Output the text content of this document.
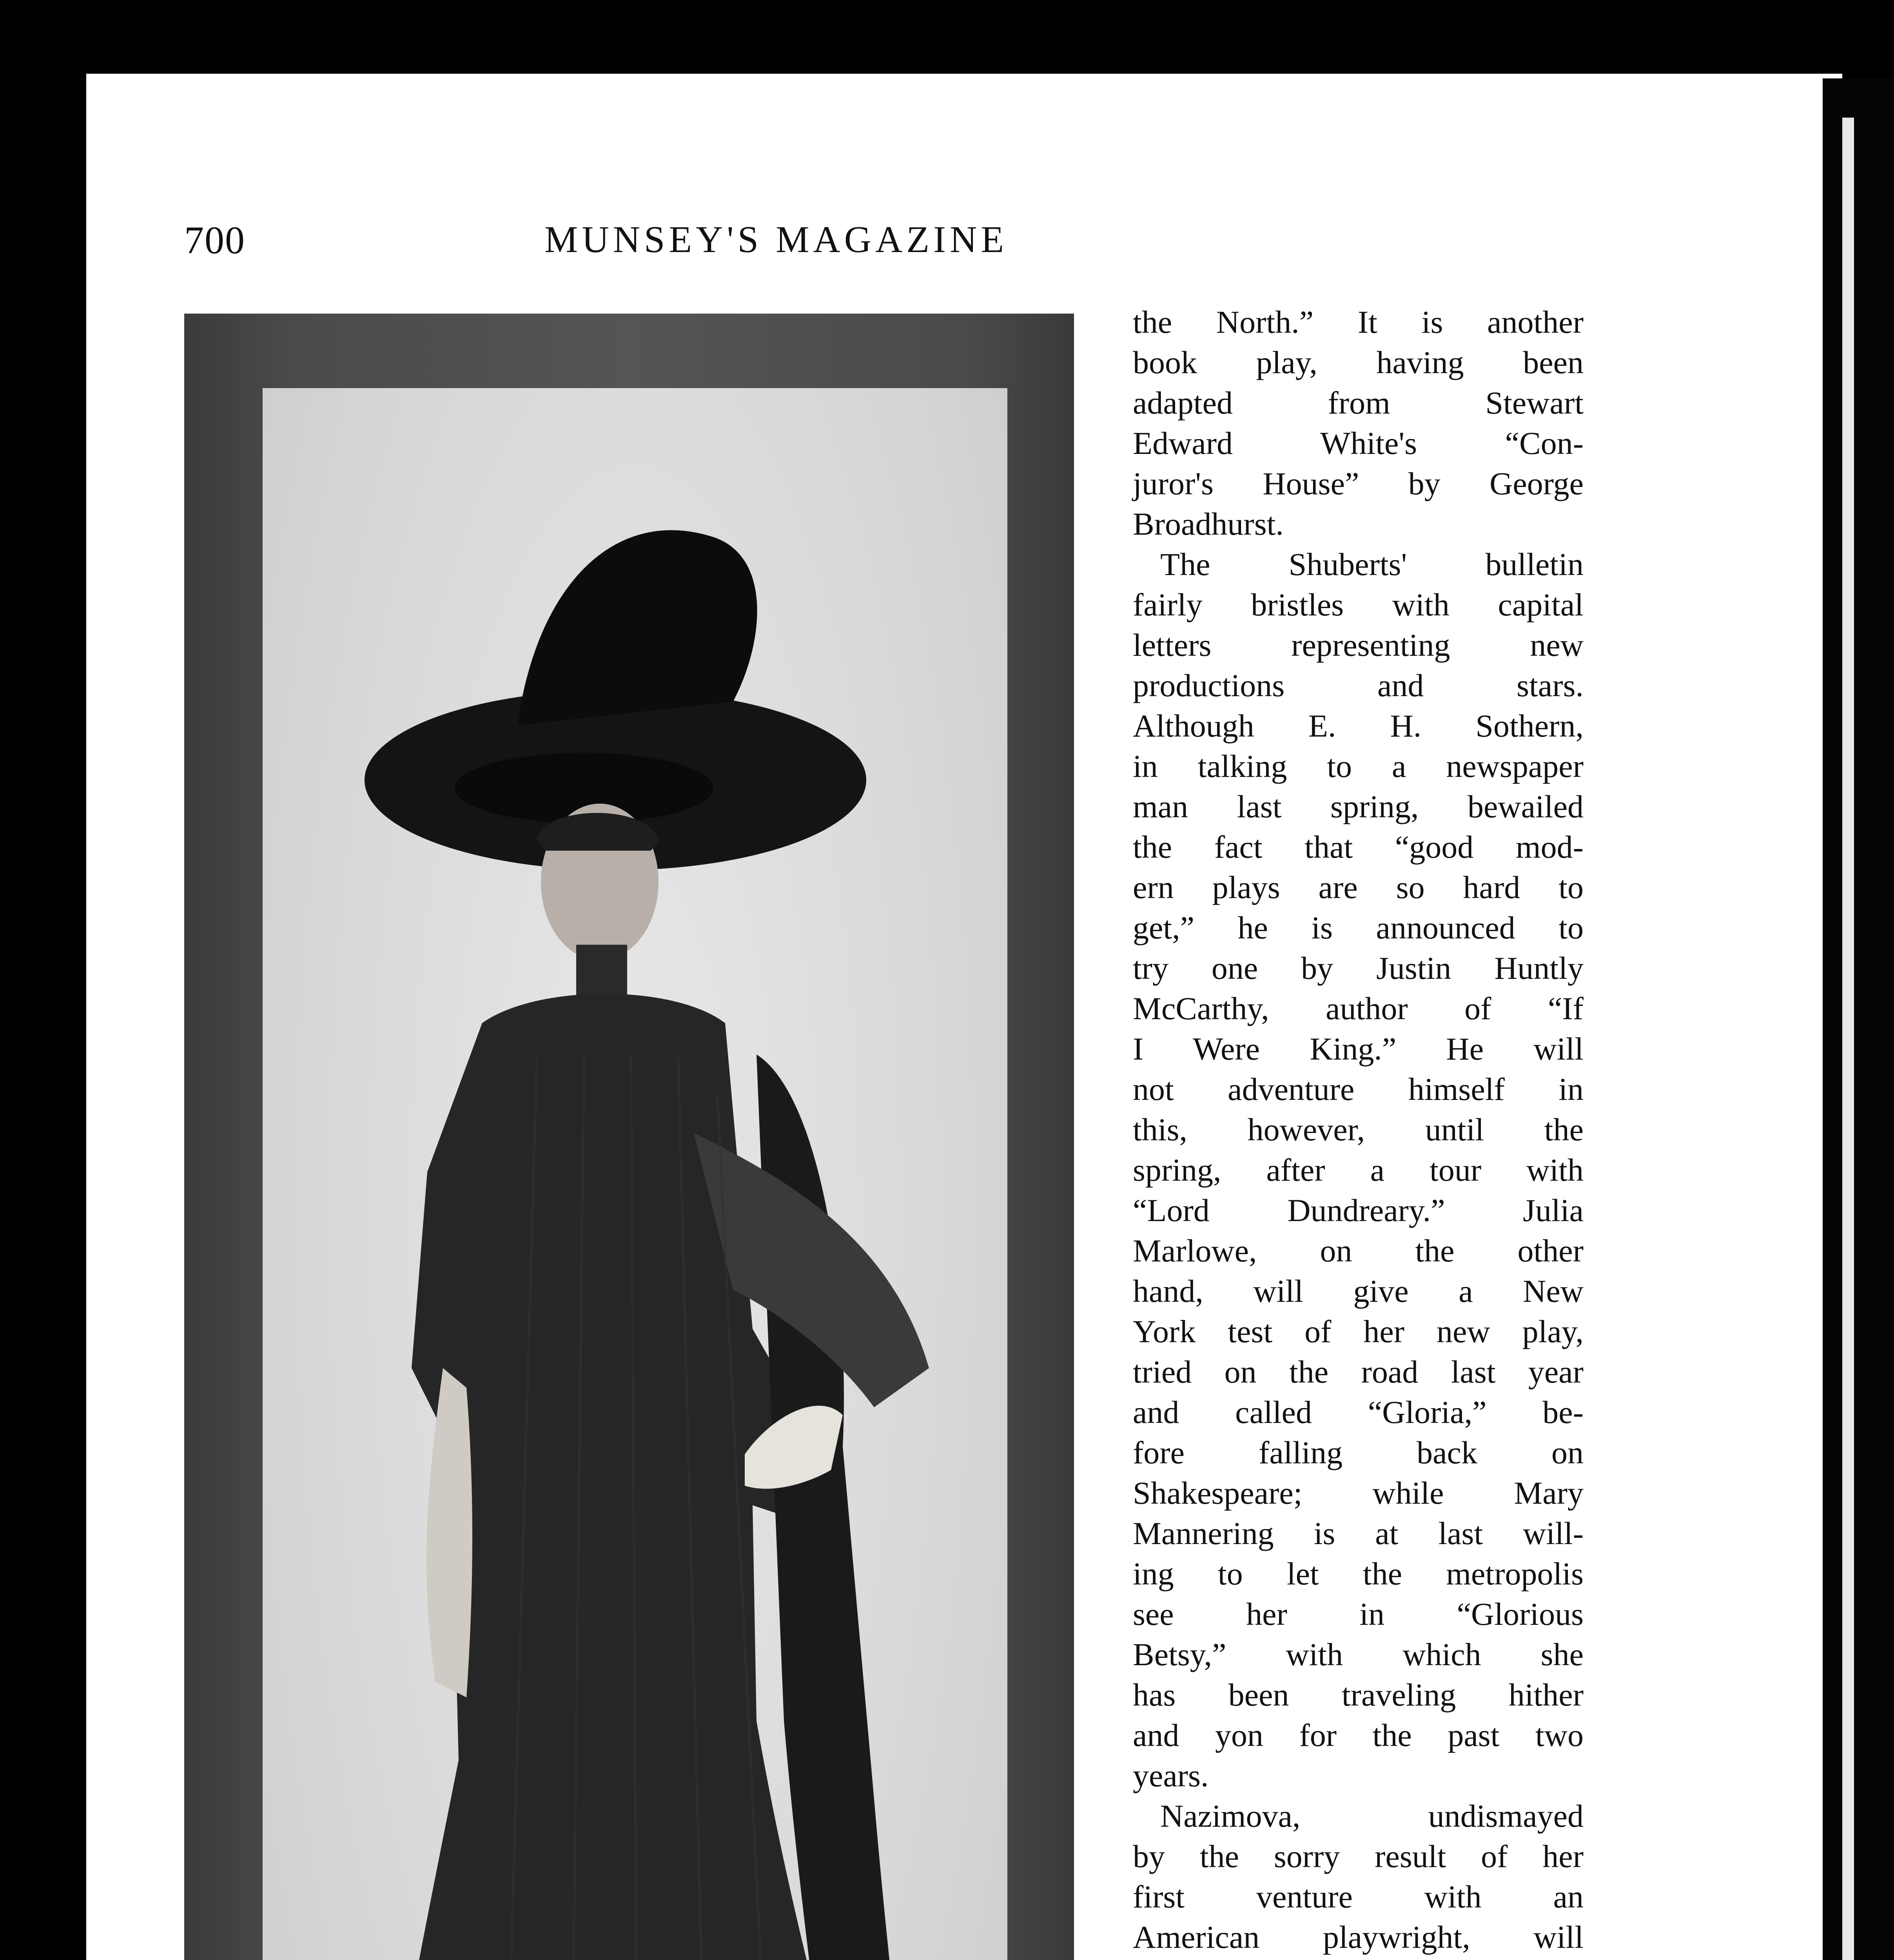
700	MUNSEY'S MAGAZINE
the North.” It is another
book play, having been
adapted from Stewart
Edward White's “Con-
juror's House” by George
Broadhurst.
The Shuberts' bulletin
fairly bristles with capital
letters representing new
productions and stars.
Although E. H. Sothern,
in talking to a newspaper
man last spring, bewailed
the fact that “good mod-
ern plays are so hard to
get,” he is announced to
try one by Justin Huntly
McCarthy, author of “If
I Were King.” He will
not adventure himself in
this, however, until the
spring, after a tour with
“Lord Dundreary.” Julia
Marlowe, on the other
hand, will give a New
York test of her new play,
tried on the road last year
and called “Gloria,” be-
fore falling back on
Shakespeare; while Mary
Mannering is at last will-
ing to let the metropolis
see her in “Glorious
Betsy,” with which she
has been traveling hither
and yon for the past two
years.
Nazimova, undismayed
by the sorry result of her
first venture with an
American playwright, will
